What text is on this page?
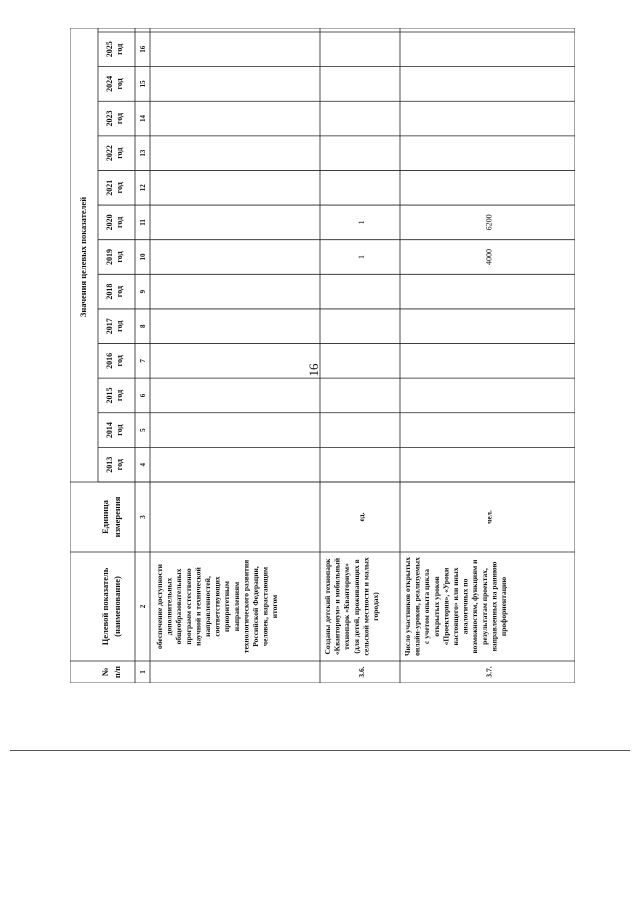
16
Значения целевых показателей
Единица измерения
Целевой показатель (наименование)
№ п/п
2013 год
2014 год
2015 год
2016 год
2017 год
2018 год
2019 год
2020 год
2021 год
2022 год
2023 год
2024 год
2025 год
1
2
3
4
5
6
7
8
9
10
11
12
13
14
15
16
обеспечение доступности дополнительных общеобразовательных программ естественно научной и технической направленностей, соответствующих приоритетным направлениям технологического развития Российской Федерации, человек, нарастающим итогом	Созданы детский технопарк «Кванториум» и мобильный технопарк «Кванториум» (для детей, проживающих в сельской местности и малых городах)
3.6.
ед.
1
1
Число участников открытых онлайн-уроков, реализуемых с учетом опыта цикла открытых уроков «Проектория», «Уроки настоящего» или иных аналогичных по возможностям, функциям и результатам проектах, направленных на раннюю профориентацию
3.7.
чел.
4000
6200
